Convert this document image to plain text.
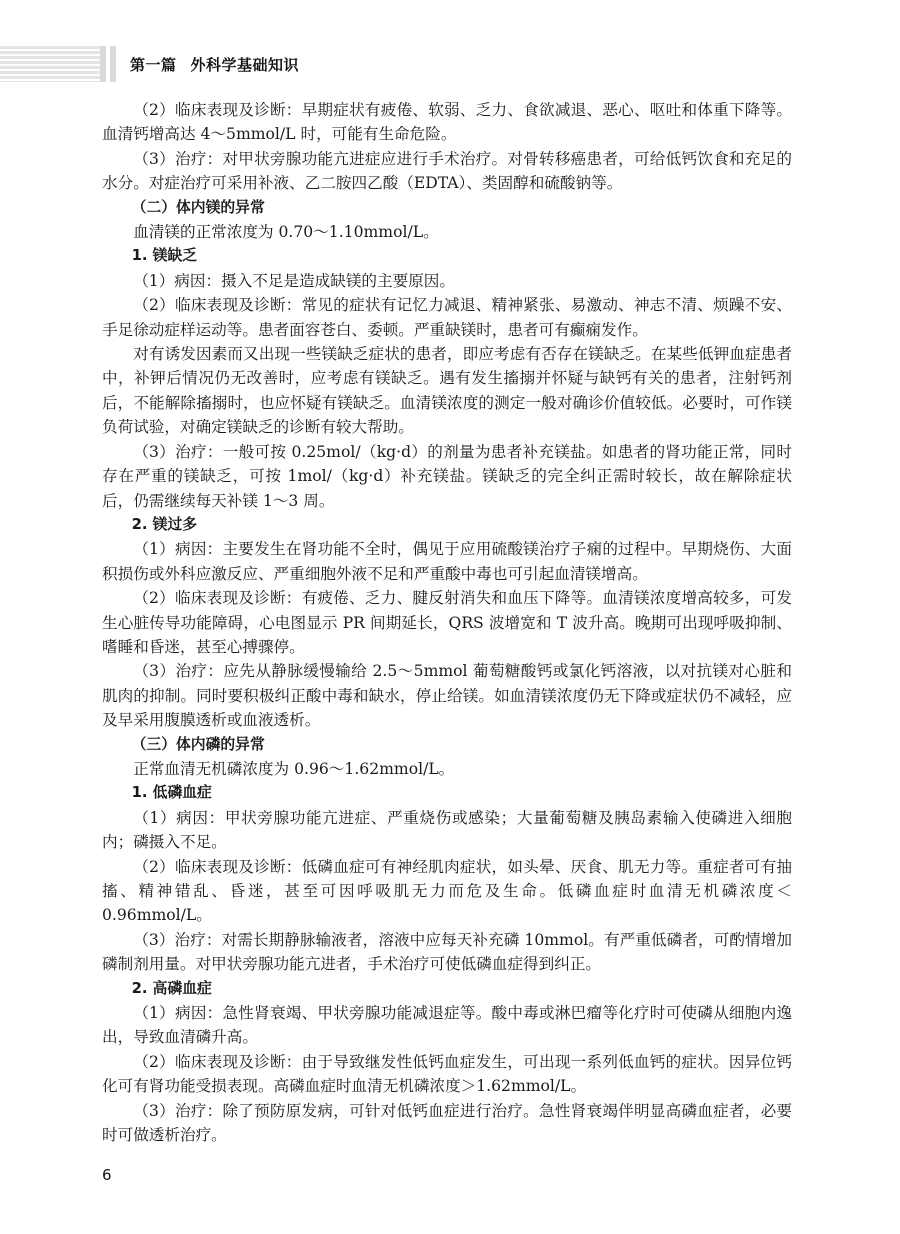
第一篇 外科学基础知识

（2）临床表现及诊断：早期症状有疲倦、软弱、乏力、食欲减退、恶心、呕吐和体重下降等。血清钙增高达 4～5mmol/L 时，可能有生命危险。

（3）治疗：对甲状旁腺功能亢进症应进行手术治疗。对骨转移癌患者，可给低钙饮食和充足的水分。对症治疗可采用补液、乙二胺四乙酸（EDTA）、类固醇和硫酸钠等。

（二）体内镁的异常

血清镁的正常浓度为 0.70～1.10mmol/L。

1. 镁缺乏

（1）病因：摄入不足是造成缺镁的主要原因。

（2）临床表现及诊断：常见的症状有记忆力减退、精神紧张、易激动、神志不清、烦躁不安、手足徐动症样运动等。患者面容苍白、委顿。严重缺镁时，患者可有癫痫发作。

对有诱发因素而又出现一些镁缺乏症状的患者，即应考虑有否存在镁缺乏。在某些低钾血症患者中，补钾后情况仍无改善时，应考虑有镁缺乏。遇有发生搐搦并怀疑与缺钙有关的患者，注射钙剂后，不能解除搐搦时，也应怀疑有镁缺乏。血清镁浓度的测定一般对确诊价值较低。必要时，可作镁负荷试验，对确定镁缺乏的诊断有较大帮助。

（3）治疗：一般可按 0.25mol/（kg·d）的剂量为患者补充镁盐。如患者的肾功能正常，同时存在严重的镁缺乏，可按 1mol/（kg·d）补充镁盐。镁缺乏的完全纠正需时较长，故在解除症状后，仍需继续每天补镁 1～3 周。

2. 镁过多

（1）病因：主要发生在肾功能不全时，偶见于应用硫酸镁治疗子痫的过程中。早期烧伤、大面积损伤或外科应激反应、严重细胞外液不足和严重酸中毒也可引起血清镁增高。

（2）临床表现及诊断：有疲倦、乏力、腱反射消失和血压下降等。血清镁浓度增高较多，可发生心脏传导功能障碍，心电图显示 PR 间期延长，QRS 波增宽和 T 波升高。晚期可出现呼吸抑制、嗜睡和昏迷，甚至心搏骤停。

（3）治疗：应先从静脉缓慢输给 2.5～5mmol 葡萄糖酸钙或氯化钙溶液，以对抗镁对心脏和肌肉的抑制。同时要积极纠正酸中毒和缺水，停止给镁。如血清镁浓度仍无下降或症状仍不减轻，应及早采用腹膜透析或血液透析。

（三）体内磷的异常

正常血清无机磷浓度为 0.96～1.62mmol/L。

1. 低磷血症

（1）病因：甲状旁腺功能亢进症、严重烧伤或感染；大量葡萄糖及胰岛素输入使磷进入细胞内；磷摄入不足。

（2）临床表现及诊断：低磷血症可有神经肌肉症状，如头晕、厌食、肌无力等。重症者可有抽搐、精神错乱、昏迷，甚至可因呼吸肌无力而危及生命。低磷血症时血清无机磷浓度＜0.96mmol/L。

（3）治疗：对需长期静脉输液者，溶液中应每天补充磷 10mmol。有严重低磷者，可酌情增加磷制剂用量。对甲状旁腺功能亢进者，手术治疗可使低磷血症得到纠正。

2. 高磷血症

（1）病因：急性肾衰竭、甲状旁腺功能减退症等。酸中毒或淋巴瘤等化疗时可使磷从细胞内逸出，导致血清磷升高。

（2）临床表现及诊断：由于导致继发性低钙血症发生，可出现一系列低血钙的症状。因异位钙化可有肾功能受损表现。高磷血症时血清无机磷浓度＞1.62mmol/L。

（3）治疗：除了预防原发病，可针对低钙血症进行治疗。急性肾衰竭伴明显高磷血症者，必要时可做透析治疗。

6
